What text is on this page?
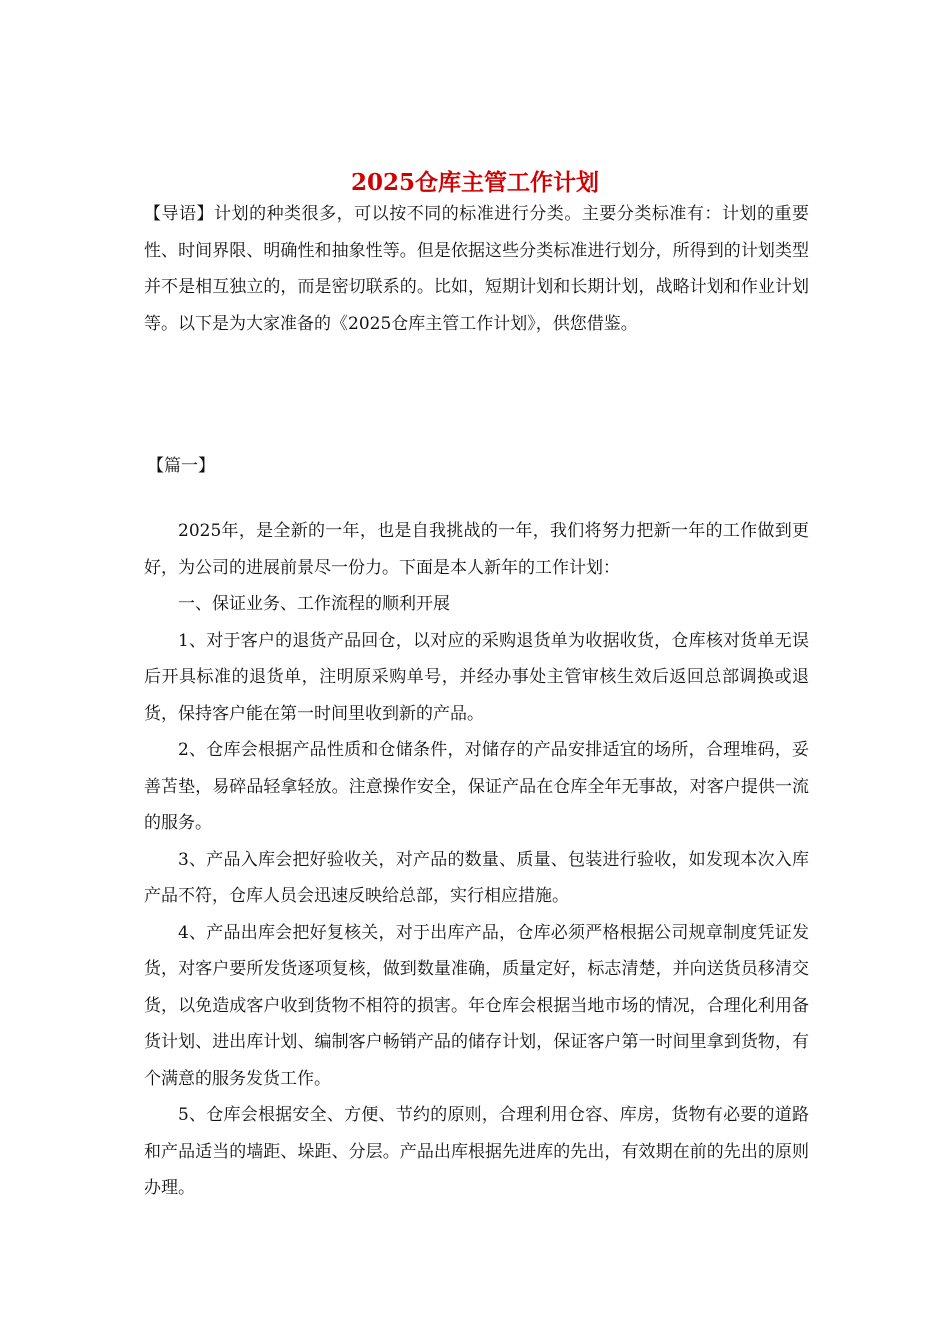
2025仓库主管工作计划

【导语】计划的种类很多，可以按不同的标准进行分类。主要分类标准有：计划的重要性、时间界限、明确性和抽象性等。但是依据这些分类标准进行划分，所得到的计划类型并不是相互独立的，而是密切联系的。比如，短期计划和长期计划，战略计划和作业计划等。以下是为大家准备的《2025仓库主管工作计划》，供您借鉴。

【篇一】

2025年，是全新的一年，也是自我挑战的一年，我们将努力把新一年的工作做到更好，为公司的进展前景尽一份力。下面是本人新年的工作计划：

一、保证业务、工作流程的顺利开展

1、对于客户的退货产品回仓，以对应的采购退货单为收据收货，仓库核对货单无误后开具标准的退货单，注明原采购单号，并经办事处主管审核生效后返回总部调换或退货，保持客户能在第一时间里收到新的产品。

2、仓库会根据产品性质和仓储条件，对储存的产品安排适宜的场所，合理堆码，妥善苫垫，易碎品轻拿轻放。注意操作安全，保证产品在仓库全年无事故，对客户提供一流的服务。

3、产品入库会把好验收关，对产品的数量、质量、包装进行验收，如发现本次入库产品不符，仓库人员会迅速反映给总部，实行相应措施。

4、产品出库会把好复核关，对于出库产品，仓库必须严格根据公司规章制度凭证发货，对客户要所发货逐项复核，做到数量准确，质量定好，标志清楚，并向送货员移清交货，以免造成客户收到货物不相符的损害。年仓库会根据当地市场的情况，合理化利用备货计划、进出库计划、编制客户畅销产品的储存计划，保证客户第一时间里拿到货物，有个满意的服务发货工作。

5、仓库会根据安全、方便、节约的原则，合理利用仓容、库房，货物有必要的道路和产品适当的墙距、垛距、分层。产品出库根据先进库的先出，有效期在前的先出的原则办理。
